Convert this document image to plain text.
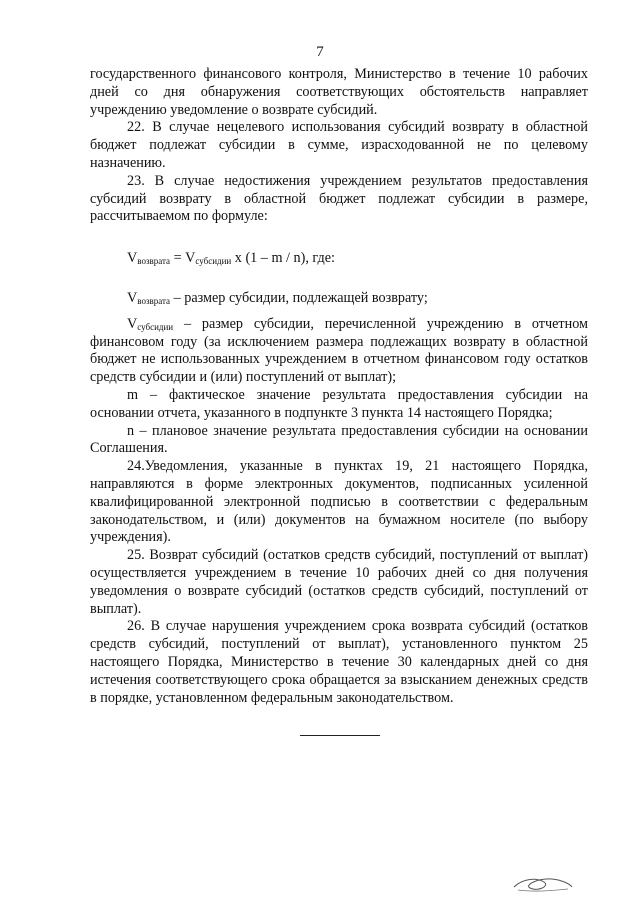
7

государственного финансового контроля, Министерство в течение 10 рабочих дней со дня обнаружения соответствующих обстоятельств направляет учреждению уведомление о возврате субсидий.

22. В случае нецелевого использования субсидий возврату в областной бюджет подлежат субсидии в сумме, израсходованной не по целевому назначению.

23. В случае недостижения учреждением результатов предоставления субсидий возврату в областной бюджет подлежат субсидии в размере, рассчитываемом по формуле:

$V_{возврата} = V_{субсидии}$ x (1 – m / n), где:

$V_{возврата}$ – размер субсидии, подлежащей возврату;

$V_{субсидии}$ – размер субсидии, перечисленной учреждению в отчетном финансовом году (за исключением размера подлежащих возврату в областной бюджет не использованных учреждением в отчетном финансовом году остатков средств субсидии и (или) поступлений от выплат);

m – фактическое значение результата предоставления субсидии на основании отчета, указанного в подпункте 3 пункта 14 настоящего Порядка;

n – плановое значение результата предоставления субсидии на основании Соглашения.

24.Уведомления, указанные в пунктах 19, 21 настоящего Порядка, направляются в форме электронных документов, подписанных усиленной квалифицированной электронной подписью в соответствии с федеральным законодательством, и (или) документов на бумажном носителе (по выбору учреждения).

25. Возврат субсидий (остатков средств субсидий, поступлений от выплат) осуществляется учреждением в течение 10 рабочих дней со дня получения уведомления о возврате субсидий (остатков средств субсидий, поступлений от выплат).

26. В случае нарушения учреждением срока возврата субсидий (остатков средств субсидий, поступлений от выплат), установленного пунктом 25 настоящего Порядка, Министерство в течение 30 календарных дней со дня истечения соответствующего срока обращается за взысканием денежных средств в порядке, установленном федеральным законодательством.
